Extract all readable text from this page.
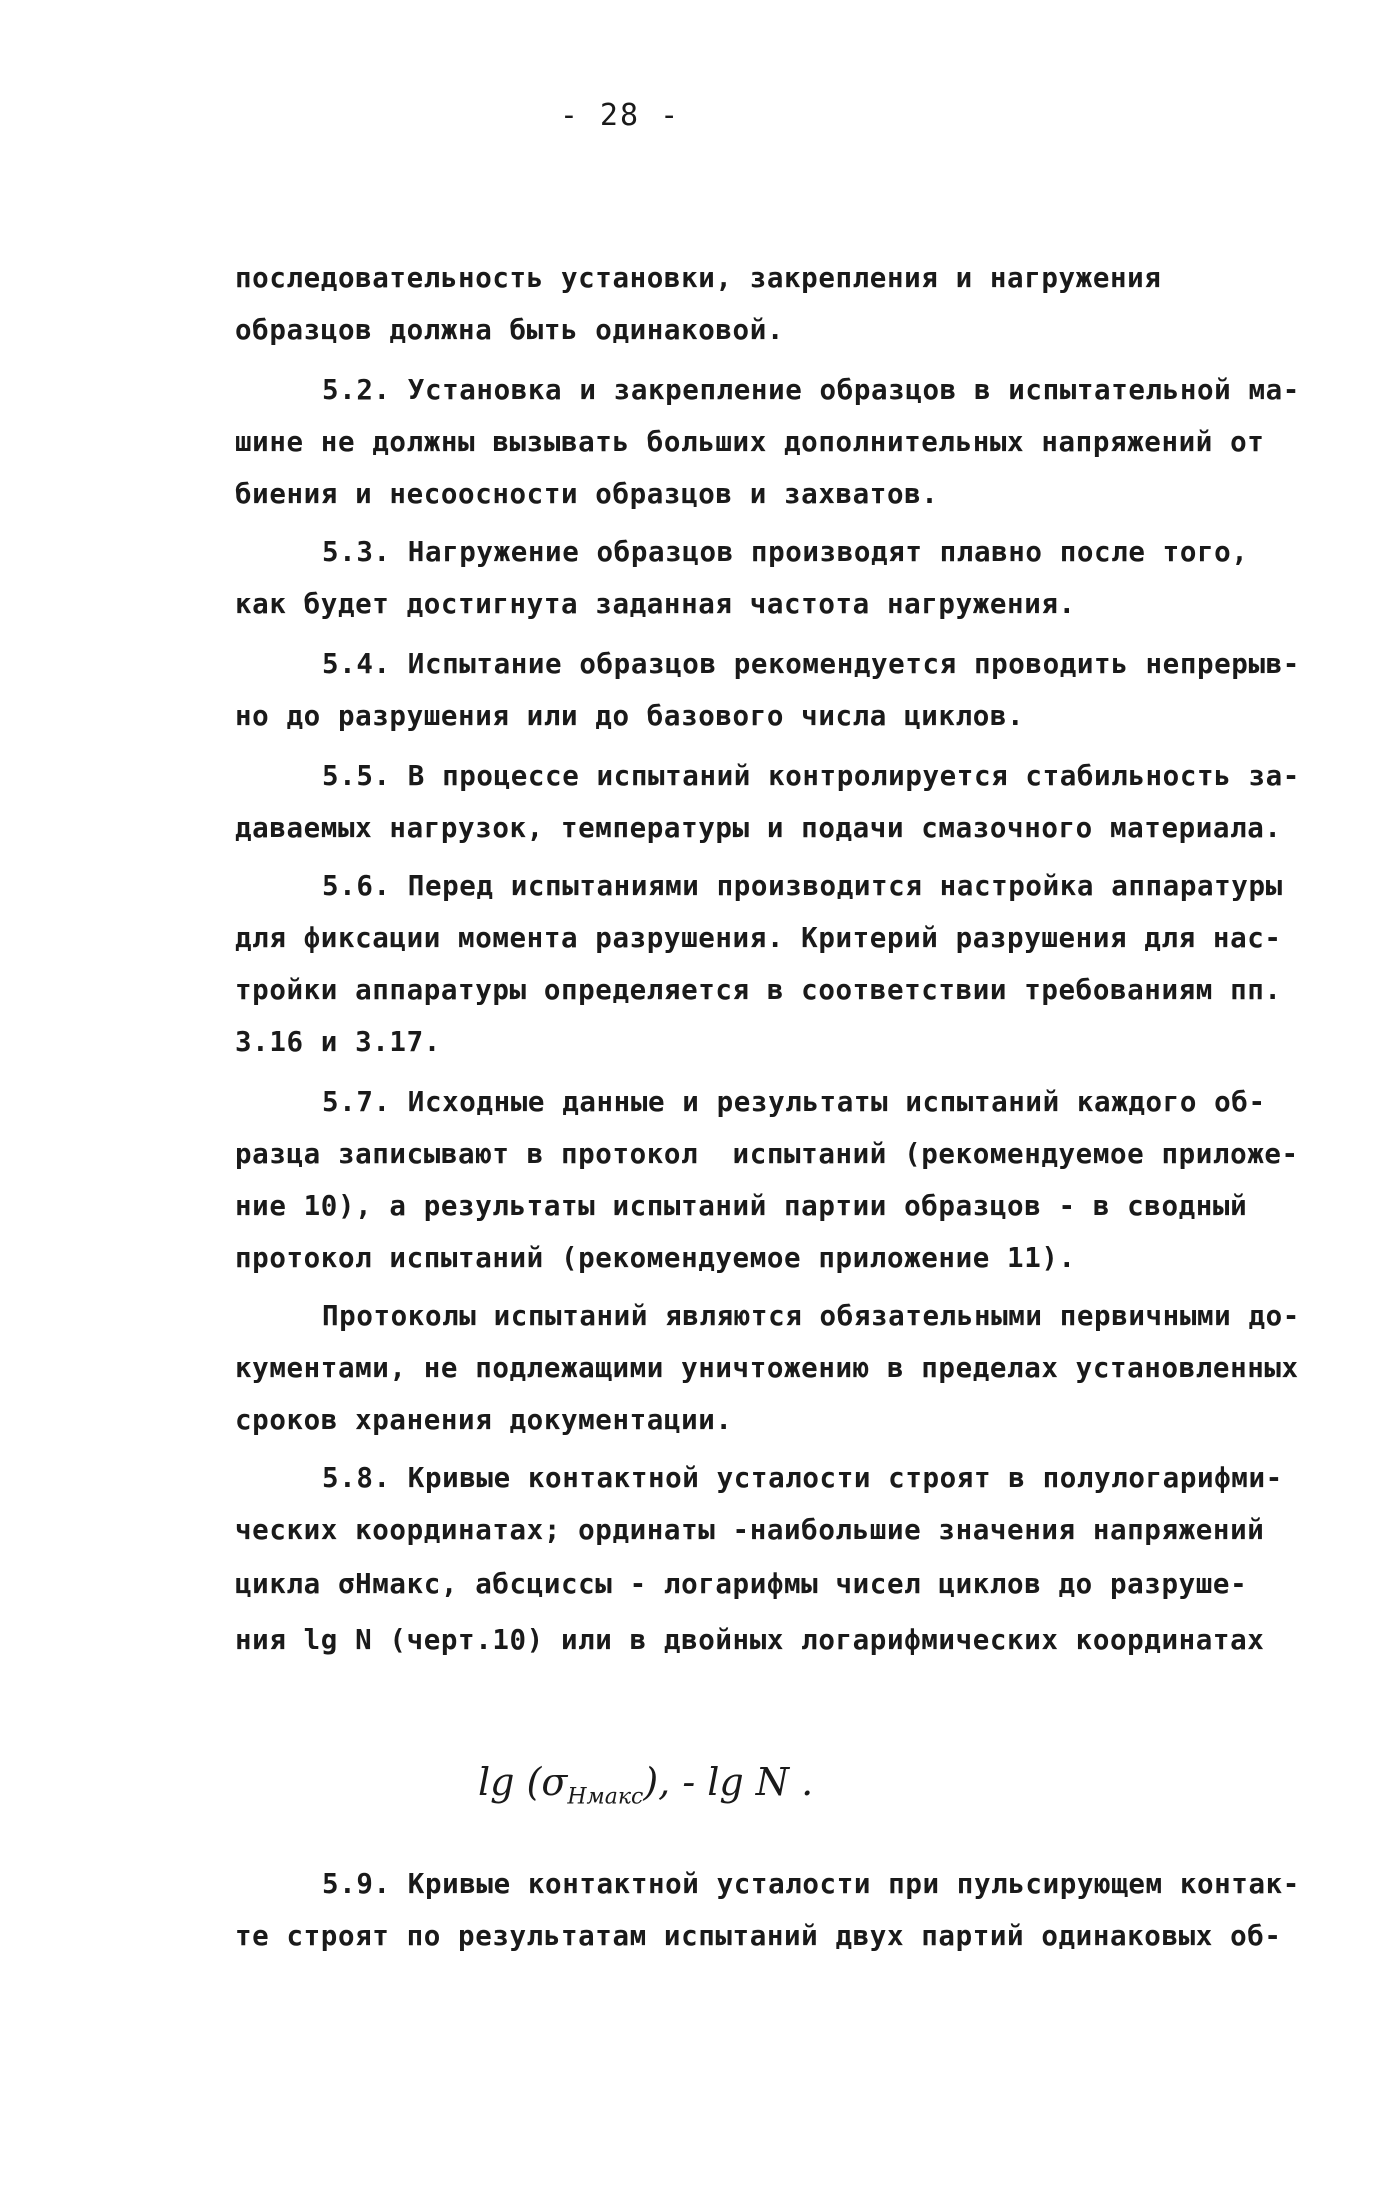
- 28 -
последовательность установки, закрепления и нагружения
образцов должна быть одинаковой.
5.2. Установка и закрепление образцов в испытательной ма-
шине не должны вызывать больших дополнительных напряжений от
биения и несоосности образцов и захватов.
5.3. Нагружение образцов производят плавно после того,
как будет достигнута заданная частота нагружения.
5.4. Испытание образцов рекомендуется проводить непрерыв-
но до разрушения или до базового числа циклов.
5.5. В процессе испытаний контролируется стабильность за-
даваемых нагрузок, температуры и подачи смазочного материала.
5.6. Перед испытаниями производится настройка аппаратуры
для фиксации момента разрушения. Критерий разрушения для нас-
тройки аппаратуры определяется в соответствии требованиям пп.
3.16 и 3.17.
5.7. Исходные данные и результаты испытаний каждого об-
разца записывают в протокол  испытаний (рекомендуемое приложе-
ние 10), а результаты испытаний партии образцов - в сводный
протокол испытаний (рекомендуемое приложение 11).
Протоколы испытаний являются обязательными первичными до-
кументами, не подлежащими уничтожению в пределах установленных
сроков хранения документации.
5.8. Кривые контактной усталости строят в полулогарифми-
ческих координатах; ординаты -наибольшие значения напряжений
цикла σHмакс, абсциссы - логарифмы чисел циклов до разруше-
ния lg N (черт.10) или в двойных логарифмических координатах
$\lg (\sigma_{Hмакс})$, - lg N .
5.9. Кривые контактной усталости при пульсирующем контак-
те строят по результатам испытаний двух партий одинаковых об-
